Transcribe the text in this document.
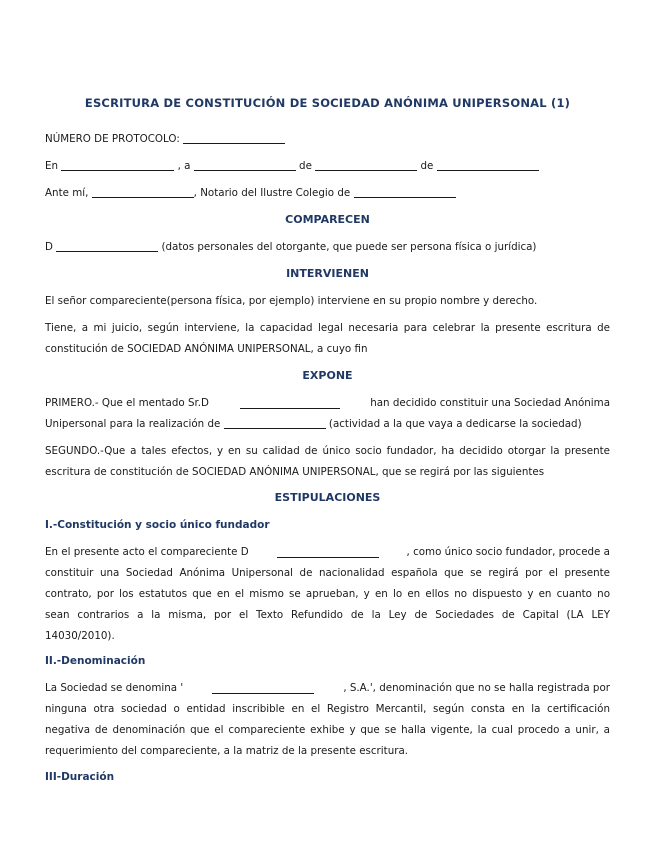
ESCRITURA DE CONSTITUCIÓN DE SOCIEDAD ANÓNIMA UNIPERSONAL (1)
NÚMERO DE PROTOCOLO:
En	, a	de	de
Ante mí,	, Notario del Ilustre Colegio de
COMPARECEN
D	(datos personales del otorgante, que puede ser persona física o jurídica)
INTERVIENEN
El señor compareciente(persona física, por ejemplo) interviene en su propio nombre y derecho.
Tiene, a mi juicio, según interviene, la capacidad legal necesaria para celebrar la presente escritura de
constitución de SOCIEDAD ANÓNIMA UNIPERSONAL, a cuyo fin
EXPONE
PRIMERO.- Que el mentado Sr.D	han decidido constituir una Sociedad Anónima
Unipersonal para la realización de	(actividad a la que vaya a dedicarse la sociedad)
SEGUNDO.-Que a tales efectos, y en su calidad de único socio fundador, ha decidido otorgar la presente
escritura de constitución de SOCIEDAD ANÓNIMA UNIPERSONAL, que se regirá por las siguientes
ESTIPULACIONES
I.-Constitución y socio único fundador
En el presente acto el compareciente D	, como único socio fundador, procede a
constituir una Sociedad Anónima Unipersonal de nacionalidad española que se regirá por el presente
contrato, por los estatutos que en el mismo se aprueban, y en lo en ellos no dispuesto y en cuanto no
sean contrarios a la misma, por el Texto Refundido de la Ley de Sociedades de Capital (LA LEY
14030/2010).
II.-Denominación
La Sociedad se denomina '	, S.A.', denominación que no se halla registrada por
ninguna otra sociedad o entidad inscribible en el Registro Mercantil, según consta en la certificación
negativa de denominación que el compareciente exhibe y que se halla vigente, la cual procedo a unir, a
requerimiento del compareciente, a la matriz de la presente escritura.
III-Duración
